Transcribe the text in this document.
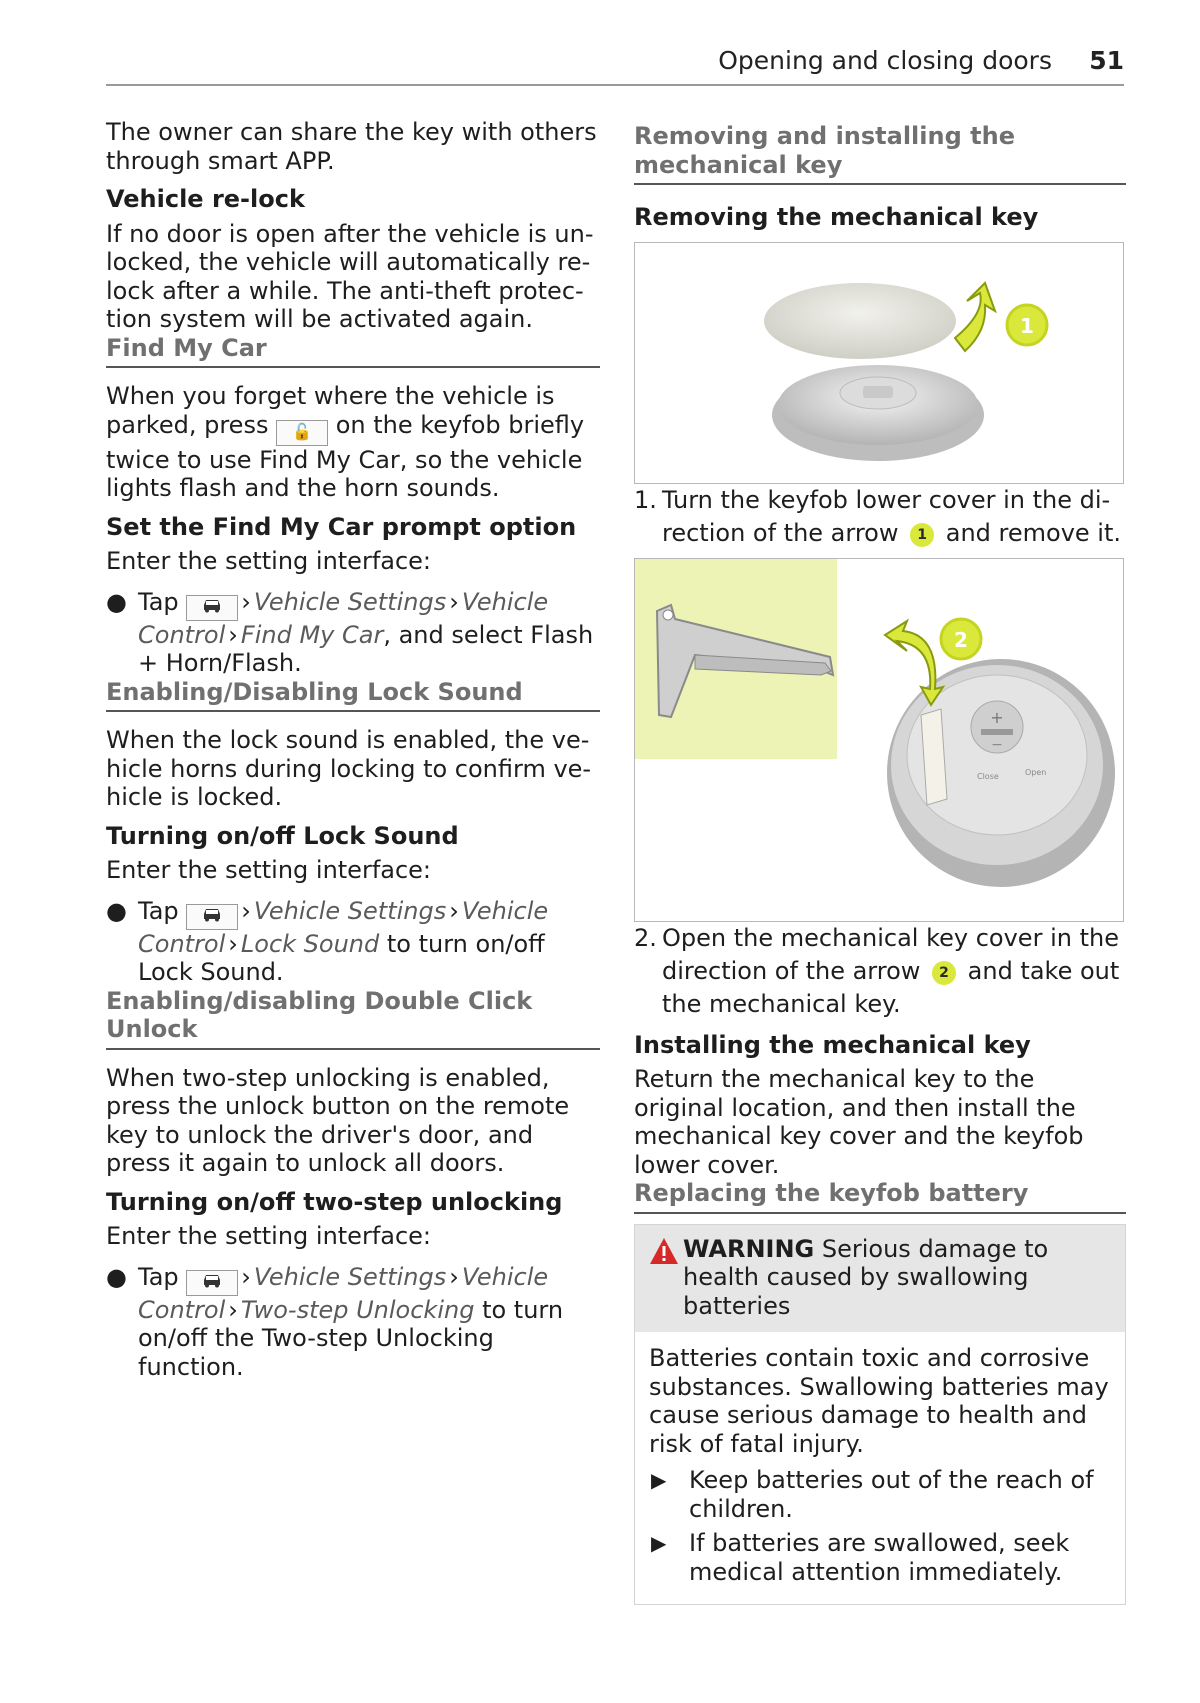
Opening and closing doors 51

The owner can share the key with others through smart APP.

Vehicle re-lock

If no door is open after the vehicle is un-locked, the vehicle will automatically re-lock after a while. The anti-theft protec-tion system will be activated again.

Find My Car

When you forget where the vehicle is parked, press 🔓 on the keyfob briefly twice to use Find My Car, so the vehicle lights flash and the horn sounds.

Set the Find My Car prompt option

Enter the setting interface:

● Tap	› Vehicle Settings › Vehicle Control › Find My Car, and select Flash + Horn/Flash.
Enabling/Disabling Lock Sound

When the lock sound is enabled, the ve-hicle horns during locking to confirm ve-hicle is locked.

Turning on/off Lock Sound

Enter the setting interface:

● Tap	› Vehicle Settings › Vehicle Control › Lock Sound to turn on/off Lock Sound.
Enabling/disabling Double Click Unlock

When two-step unlocking is enabled, press the unlock button on the remote key to unlock the driver's door, and press it again to unlock all doors.

Turning on/off two-step unlocking

Enter the setting interface:

● Tap	› Vehicle Settings › Vehicle Control › Two-step Unlocking to turn on/off the Two-step Unlocking function.
Removing and installing the mechanical key
Removing the mechanical key
1
1. Turn the keyfob lower cover in the di-rection of the arrow 1 and remove it.
+
−
Close	Open
2
2. Open the mechanical key cover in the direction of the arrow 2 and take out the mechanical key.
Installing the mechanical key

Return the mechanical key to the original location, and then install the mechanical key cover and the keyfob lower cover.

Replacing the keyfob battery
WARNING Serious damage to health caused by swallowing batteries

Batteries contain toxic and corrosive substances. Swallowing batteries may cause serious damage to health and risk of fatal injury.

▶ Keep batteries out of the reach of children.
▶ If batteries are swallowed, seek medical attention immediately.
